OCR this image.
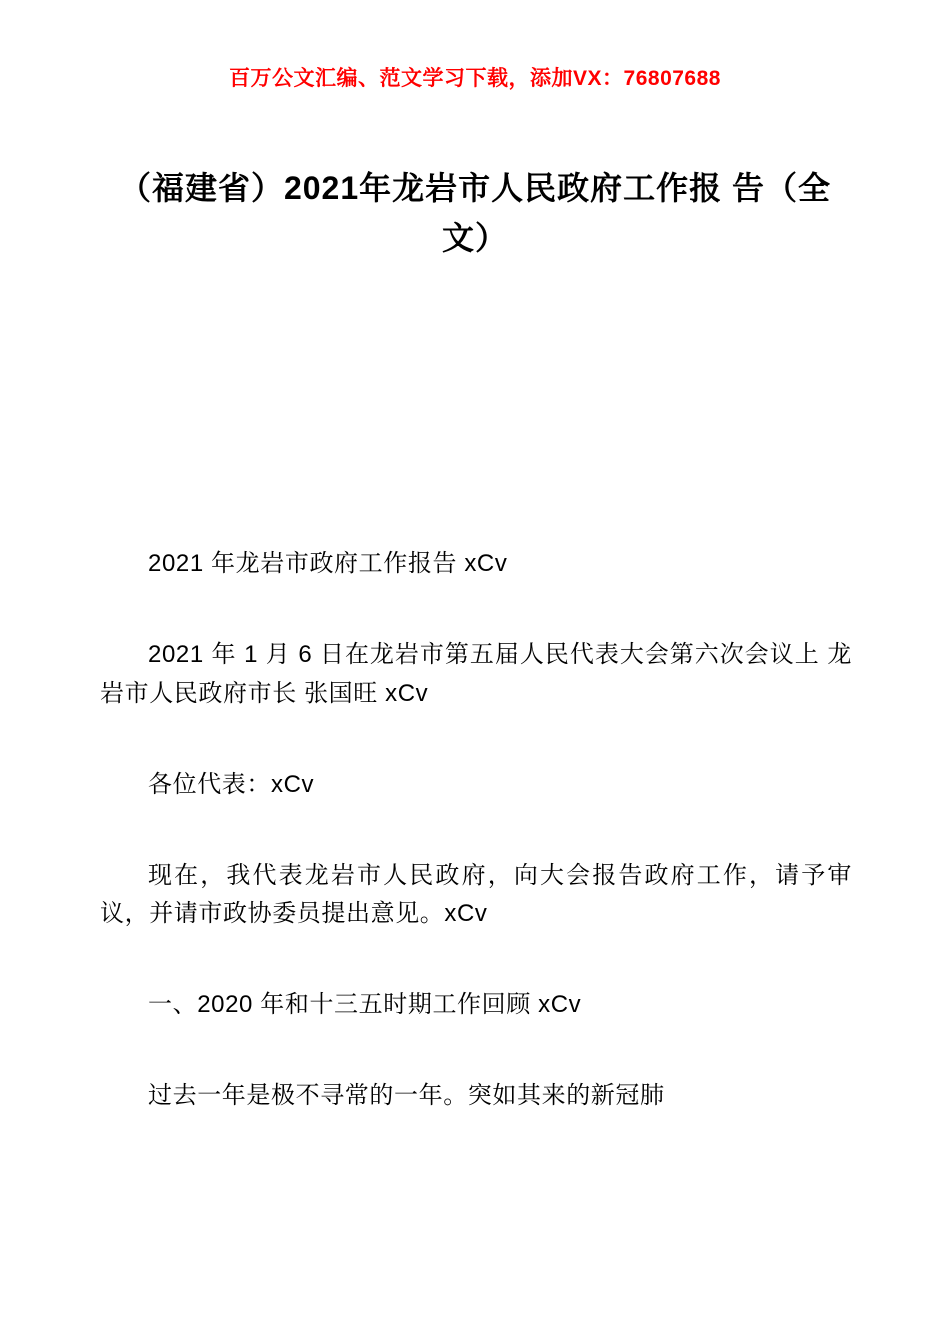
百万公文汇编、范文学习下载，添加VX：76807688
（福建省）2021年龙岩市人民政府工作报 告（全文）

2021 年龙岩市政府工作报告 xCv

2021 年 1 月 6 日在龙岩市第五届人民代表大会第六次会议上 龙岩市人民政府市长 张国旺 xCv

各位代表：xCv

现在，我代表龙岩市人民政府，向大会报告政府工作，请予审议，并请市政协委员提出意见。xCv

一、2020 年和十三五时期工作回顾 xCv

过去一年是极不寻常的一年。突如其来的新冠肺
